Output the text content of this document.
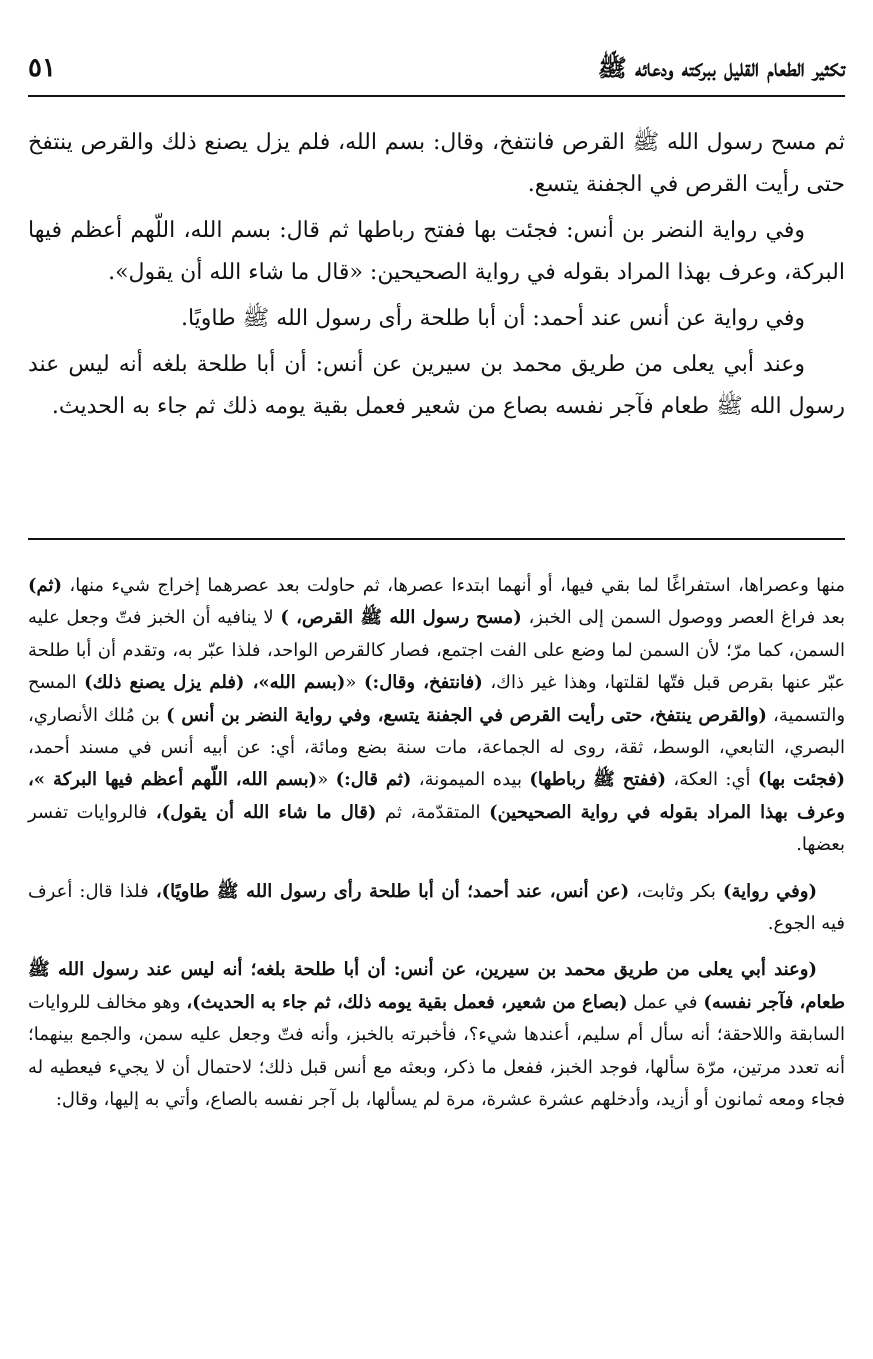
تكثير الطعام القليل ببركته ودعائه ﷺ
٥١

ثم مسح رسول الله ﷺ القرص فانتفخ، وقال: بسم الله، فلم يزل يصنع ذلك والقرص ينتفخ حتى رأيت القرص في الجفنة يتسع.

وفي رواية النضر بن أنس: فجئت بها ففتح رباطها ثم قال: بسم الله، اللّهم أعظم فيها البركة، وعرف بهذا المراد بقوله في رواية الصحيحين: «قال ما شاء الله أن يقول».

وفي رواية عن أنس عند أحمد: أن أبا طلحة رأى رسول الله ﷺ طاويًا.

وعند أبي يعلى من طريق محمد بن سيرين عن أنس: أن أبا طلحة بلغه أنه ليس عند رسول الله ﷺ طعام فآجر نفسه بصاع من شعير فعمل بقية يومه ذلك ثم جاء به الحديث.

منها وعصراها، استفراغًا لما بقي فيها، أو أنهما ابتدءا عصرها، ثم حاولت بعد عصرهما إخراج شيء منها، (ثم) بعد فراغ العصر ووصول السمن إلى الخبز، (مسح رسول الله ﷺ القرص، ) لا ينافيه أن الخبز فتّ وجعل عليه السمن، كما مرّ؛ لأن السمن لما وضع على الفت اجتمع، فصار كالقرص الواحد، فلذا عبّر به، وتقدم أن أبا طلحة عبّر عنها بقرص قبل فتّها لقلتها، وهذا غير ذاك، (فانتفخ، وقال:) «(بسم الله»، (فلم يزل يصنع ذلك) المسح والتسمية، (والقرص ينتفخ، حتى رأيت القرص في الجفنة يتسع، وفي رواية النضر بن أنس ) بن مُلك الأنصاري، البصري، التابعي، الوسط، ثقة، روى له الجماعة، مات سنة بضع ومائة، أي: عن أبيه أنس في مسند أحمد، (فجئت بها) أي: العكة، (ففتح ﷺ رباطها) بيده الميمونة، (ثم قال:) «(بسم الله، اللّهم أعظم فيها البركة »، وعرف بهذا المراد بقوله في رواية الصحيحين) المتقدّمة، ثم (قال ما شاء الله أن يقول)، فالروايات تفسر بعضها.

(وفي رواية) بكر وثابت، (عن أنس، عند أحمد؛ أن أبا طلحة رأى رسول الله ﷺ طاويًا)، فلذا قال: أعرف فيه الجوع.

(وعند أبي يعلى من طريق محمد بن سيرين، عن أنس: أن أبا طلحة بلغه؛ أنه ليس عند رسول الله ﷺ طعام، فآجر نفسه) في عمل (بصاع من شعير، فعمل بقية يومه ذلك، ثم جاء به الحديث)، وهو مخالف للروايات السابقة واللاحقة؛ أنه سأل أم سليم، أعندها شيء؟، فأخبرته بالخبز، وأنه فتّ وجعل عليه سمن، والجمع بينهما؛ أنه تعدد مرتين، مرّة سألها، فوجد الخبز، ففعل ما ذكر، وبعثه مع أنس قبل ذلك؛ لاحتمال أن لا يجيء فيعطيه له فجاء ومعه ثمانون أو أزيد، وأدخلهم عشرة عشرة، مرة لم يسألها، بل آجر نفسه بالصاع، وأتي به إليها، وقال:
